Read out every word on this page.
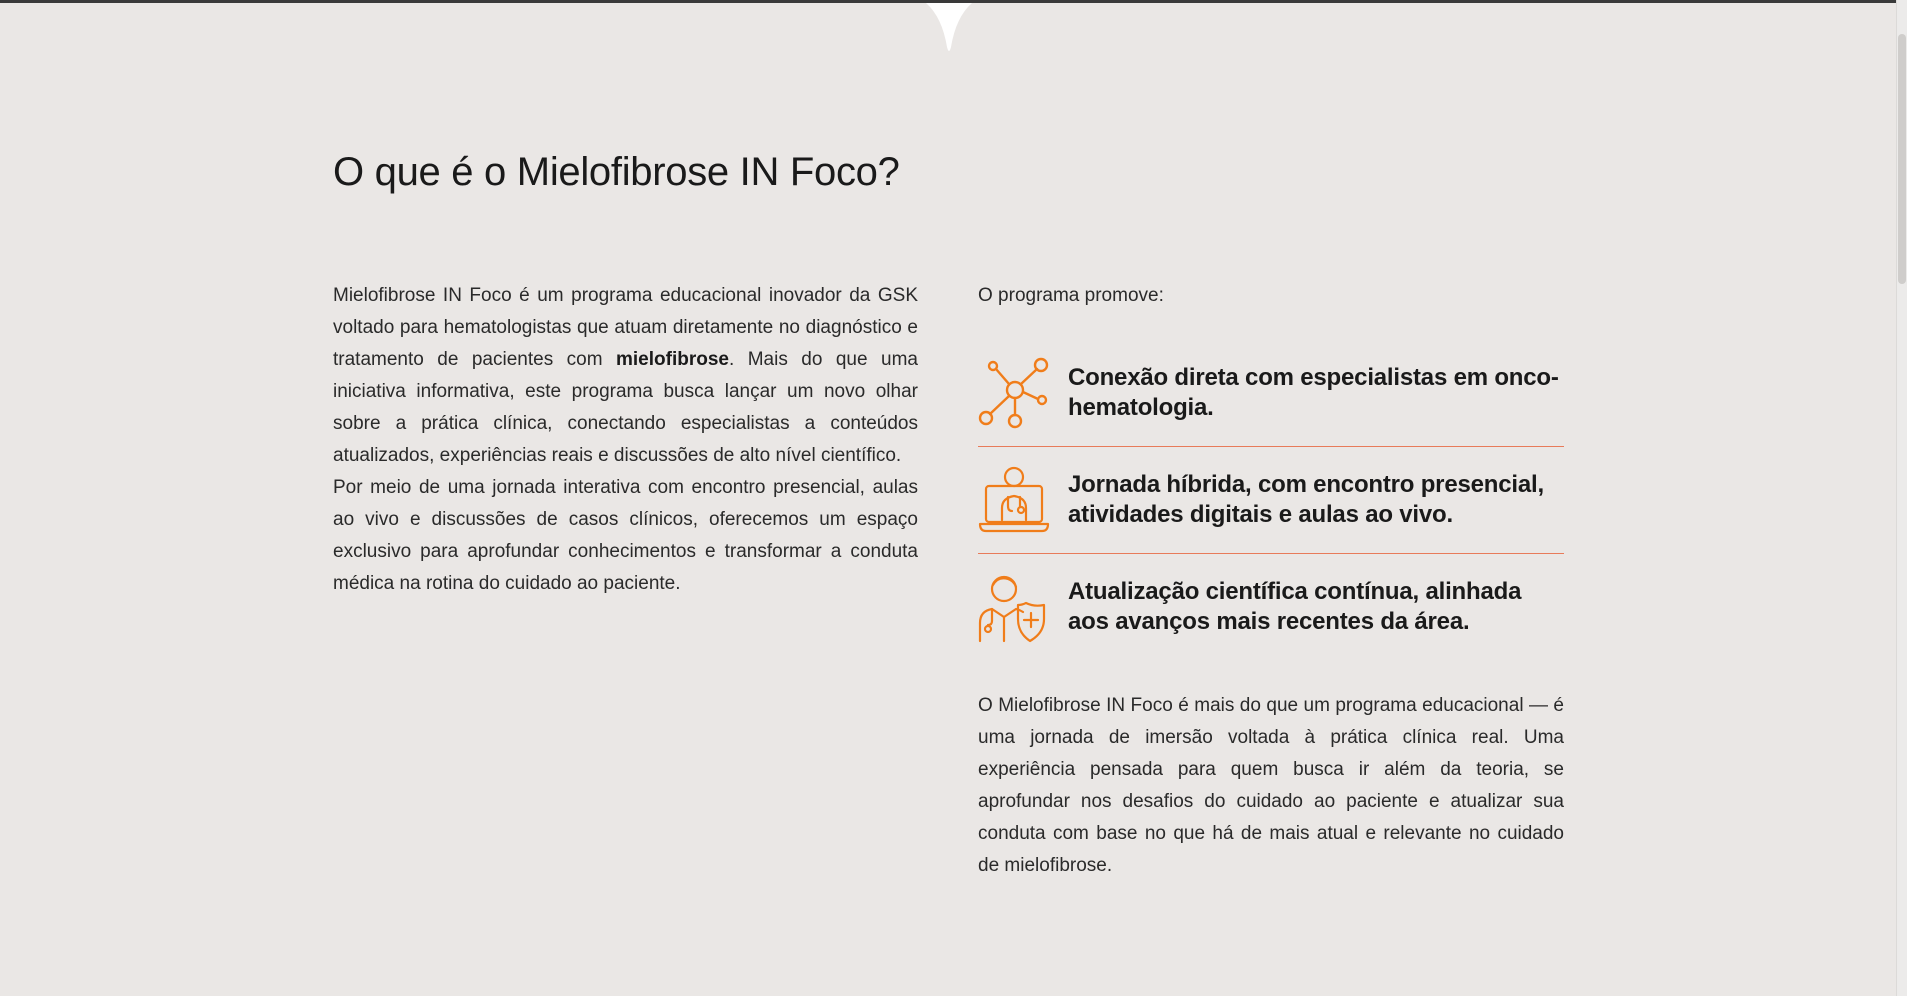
O que é o Mielofibrose IN Foco?

Mielofibrose IN Foco é um programa educacional inovador da GSK voltado para hematologistas que atuam diretamente no diagnóstico e tratamento de pacientes com mielofibrose. Mais do que uma iniciativa informativa, este programa busca lançar um novo olhar sobre a prática clínica, conectando especialistas a conteúdos atualizados, experiências reais e discussões de alto nível científico.

Por meio de uma jornada interativa com encontro presencial, aulas ao vivo e discussões de casos clínicos, oferecemos um espaço exclusivo para aprofundar conhecimentos e transformar a conduta médica na rotina do cuidado ao paciente.

O programa promove:

Conexão direta com especialistas em onco-hematologia.
Jornada híbrida, com encontro presencial, atividades digitais e aulas ao vivo.
Atualização científica contínua, alinhada aos avanços mais recentes da área.

O Mielofibrose IN Foco é mais do que um programa educacional — é uma jornada de imersão voltada à prática clínica real. Uma experiência pensada para quem busca ir além da teoria, se aprofundar nos desafios do cuidado ao paciente e atualizar sua conduta com base no que há de mais atual e relevante no cuidado de mielofibrose.
